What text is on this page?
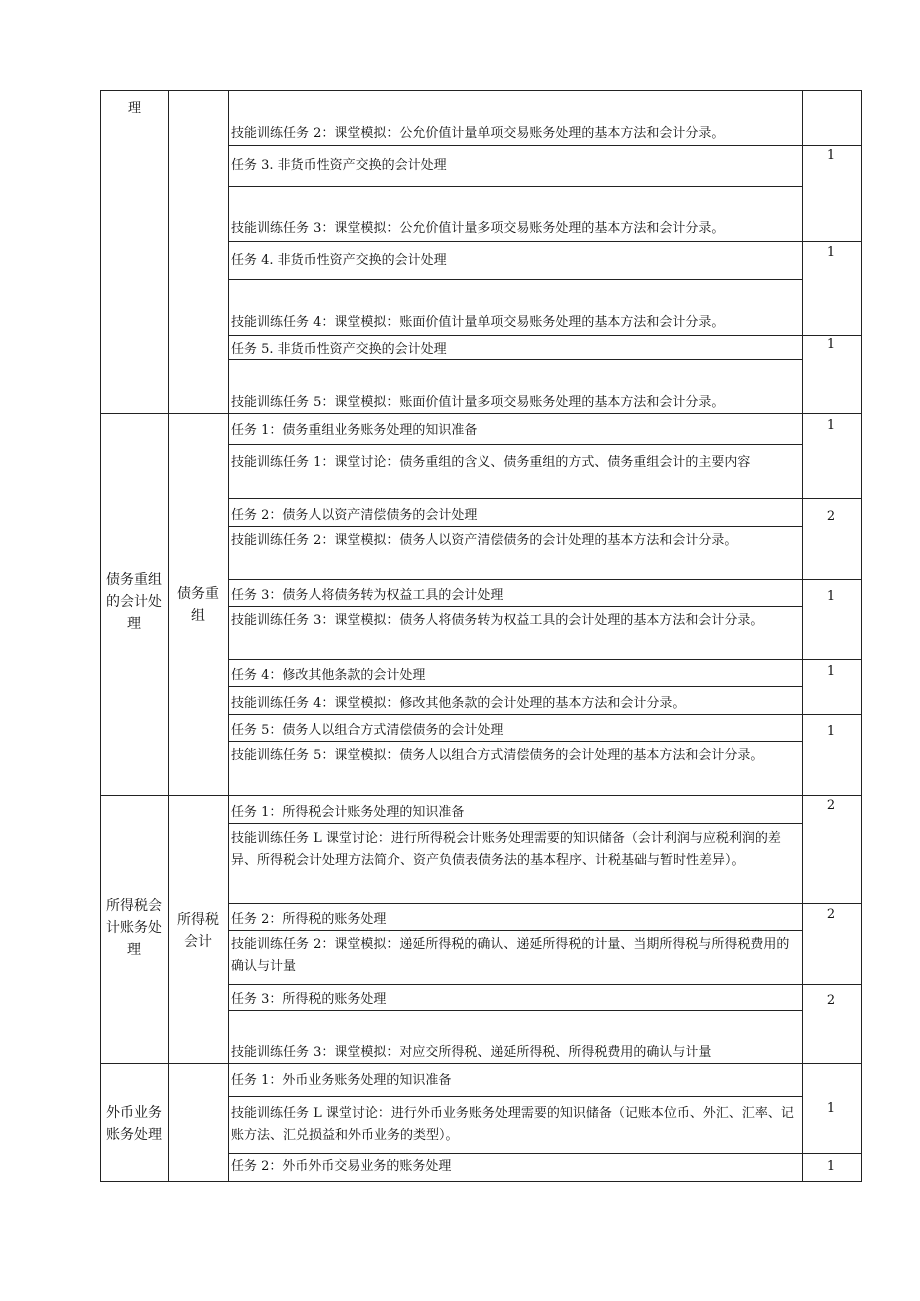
理
技能训练任务 2：课堂模拟：公允价值计量单项交易账务处理的基本方法和会计分录。
任务 3. 非货币性资产交换的会计处理
技能训练任务 3：课堂模拟：公允价值计量多项交易账务处理的基本方法和会计分录。
1
任务 4. 非货币性资产交换的会计处理
技能训练任务 4：课堂模拟：账面价值计量单项交易账务处理的基本方法和会计分录。
1
任务 5. 非货币性资产交换的会计处理
技能训练任务 5：课堂模拟：账面价值计量多项交易账务处理的基本方法和会计分录。
1
债务重组的会计处理
债务重组
任务 1：债务重组业务账务处理的知识准备
技能训练任务 1：课堂讨论：债务重组的含义、债务重组的方式、债务重组会计的主要内容
1
任务 2：债务人以资产清偿债务的会计处理
技能训练任务 2：课堂模拟：债务人以资产清偿债务的会计处理的基本方法和会计分录。
2
任务 3：债务人将债务转为权益工具的会计处理
技能训练任务 3：课堂模拟：债务人将债务转为权益工具的会计处理的基本方法和会计分录。
1
任务 4：修改其他条款的会计处理
技能训练任务 4：课堂模拟：修改其他条款的会计处理的基本方法和会计分录。
1
任务 5：债务人以组合方式清偿债务的会计处理
技能训练任务 5：课堂模拟：债务人以组合方式清偿债务的会计处理的基本方法和会计分录。
1
所得税会计账务处理
所得税会计
任务 1：所得税会计账务处理的知识准备
技能训练任务 L 课堂讨论：进行所得税会计账务处理需要的知识储备（会计利润与应税利润的差异、所得税会计处理方法简介、资产负债表债务法的基本程序、计税基础与暂时性差异）。
2
任务 2：所得税的账务处理
技能训练任务 2：课堂模拟：递延所得税的确认、递延所得税的计量、当期所得税与所得税费用的确认与计量
2
任务 3：所得税的账务处理
技能训练任务 3：课堂模拟：对应交所得税、递延所得税、所得税费用的确认与计量
2
外币业务账务处理
任务 1：外币业务账务处理的知识准备
技能训练任务 L 课堂讨论：进行外币业务账务处理需要的知识储备（记账本位币、外汇、汇率、记账方法、汇兑损益和外币业务的类型）。
1
任务 2：外币外币交易业务的账务处理	1
